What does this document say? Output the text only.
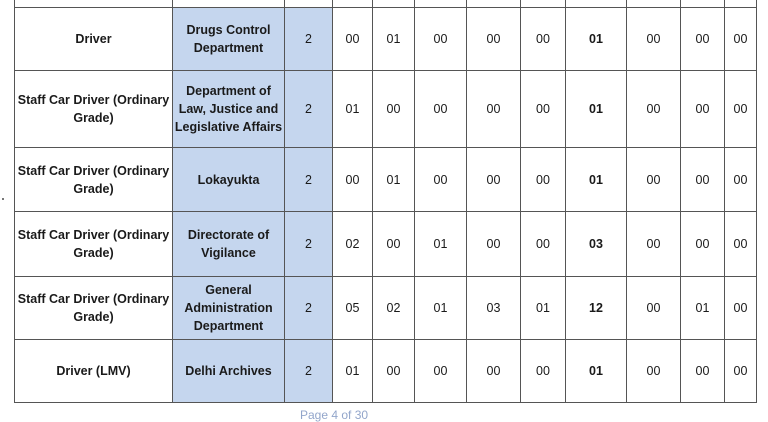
Driver	Drugs Control Department	2	00	01	00	00	00	01	00	00	00
Staff Car Driver (Ordinary Grade)	Department of Law, Justice and Legislative Affairs	2	01	00	00	00	00	01	00	00	00
Staff Car Driver (Ordinary Grade)	Lokayukta	2	00	01	00	00	00	01	00	00	00
Staff Car Driver (Ordinary Grade)	Directorate of Vigilance	2	02	00	01	00	00	03	00	00	00
Staff Car Driver (Ordinary Grade)	General Administration Department	2	05	02	01	03	01	12	00	01	00
Driver (LMV)	Delhi Archives	2	01	00	00	00	00	01	00	00	00
Page 4 of 30
